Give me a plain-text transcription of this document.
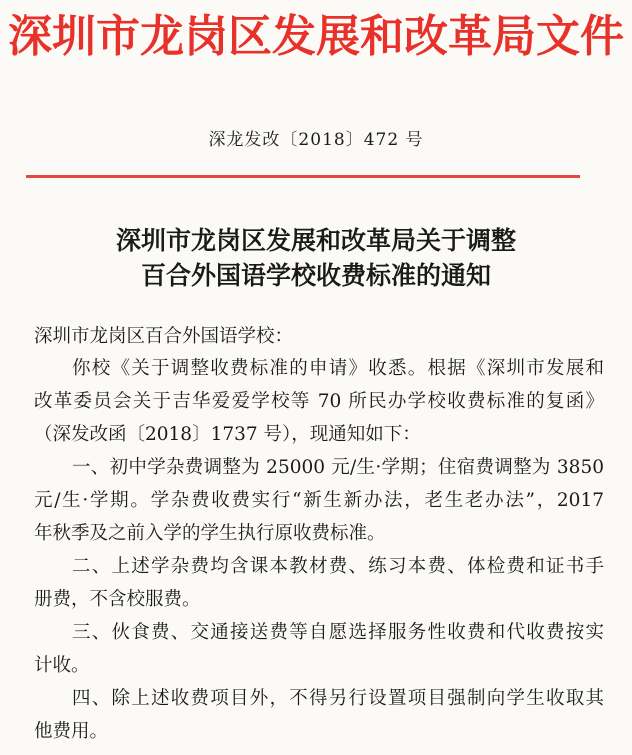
深圳市龙岗区发展和改革局文件
深龙发改〔2018〕472 号
深圳市龙岗区发展和改革局关于调整
百合外国语学校收费标准的通知
深圳市龙岗区百合外国语学校：
你校《关于调整收费标准的申请》收悉。根据《深圳市发展和
改革委员会关于吉华爱爱学校等 70 所民办学校收费标准的复函》
（深发改函〔2018〕1737 号），现通知如下：
一、初中学杂费调整为 25000 元/生·学期；住宿费调整为 3850
元/生·学期。学杂费收费实行“新生新办法，老生老办法”，2017
年秋季及之前入学的学生执行原收费标准。
二、上述学杂费均含课本教材费、练习本费、体检费和证书手
册费，不含校服费。
三、伙食费、交通接送费等自愿选择服务性收费和代收费按实
计收。
四、除上述收费项目外，不得另行设置项目强制向学生收取其
他费用。
